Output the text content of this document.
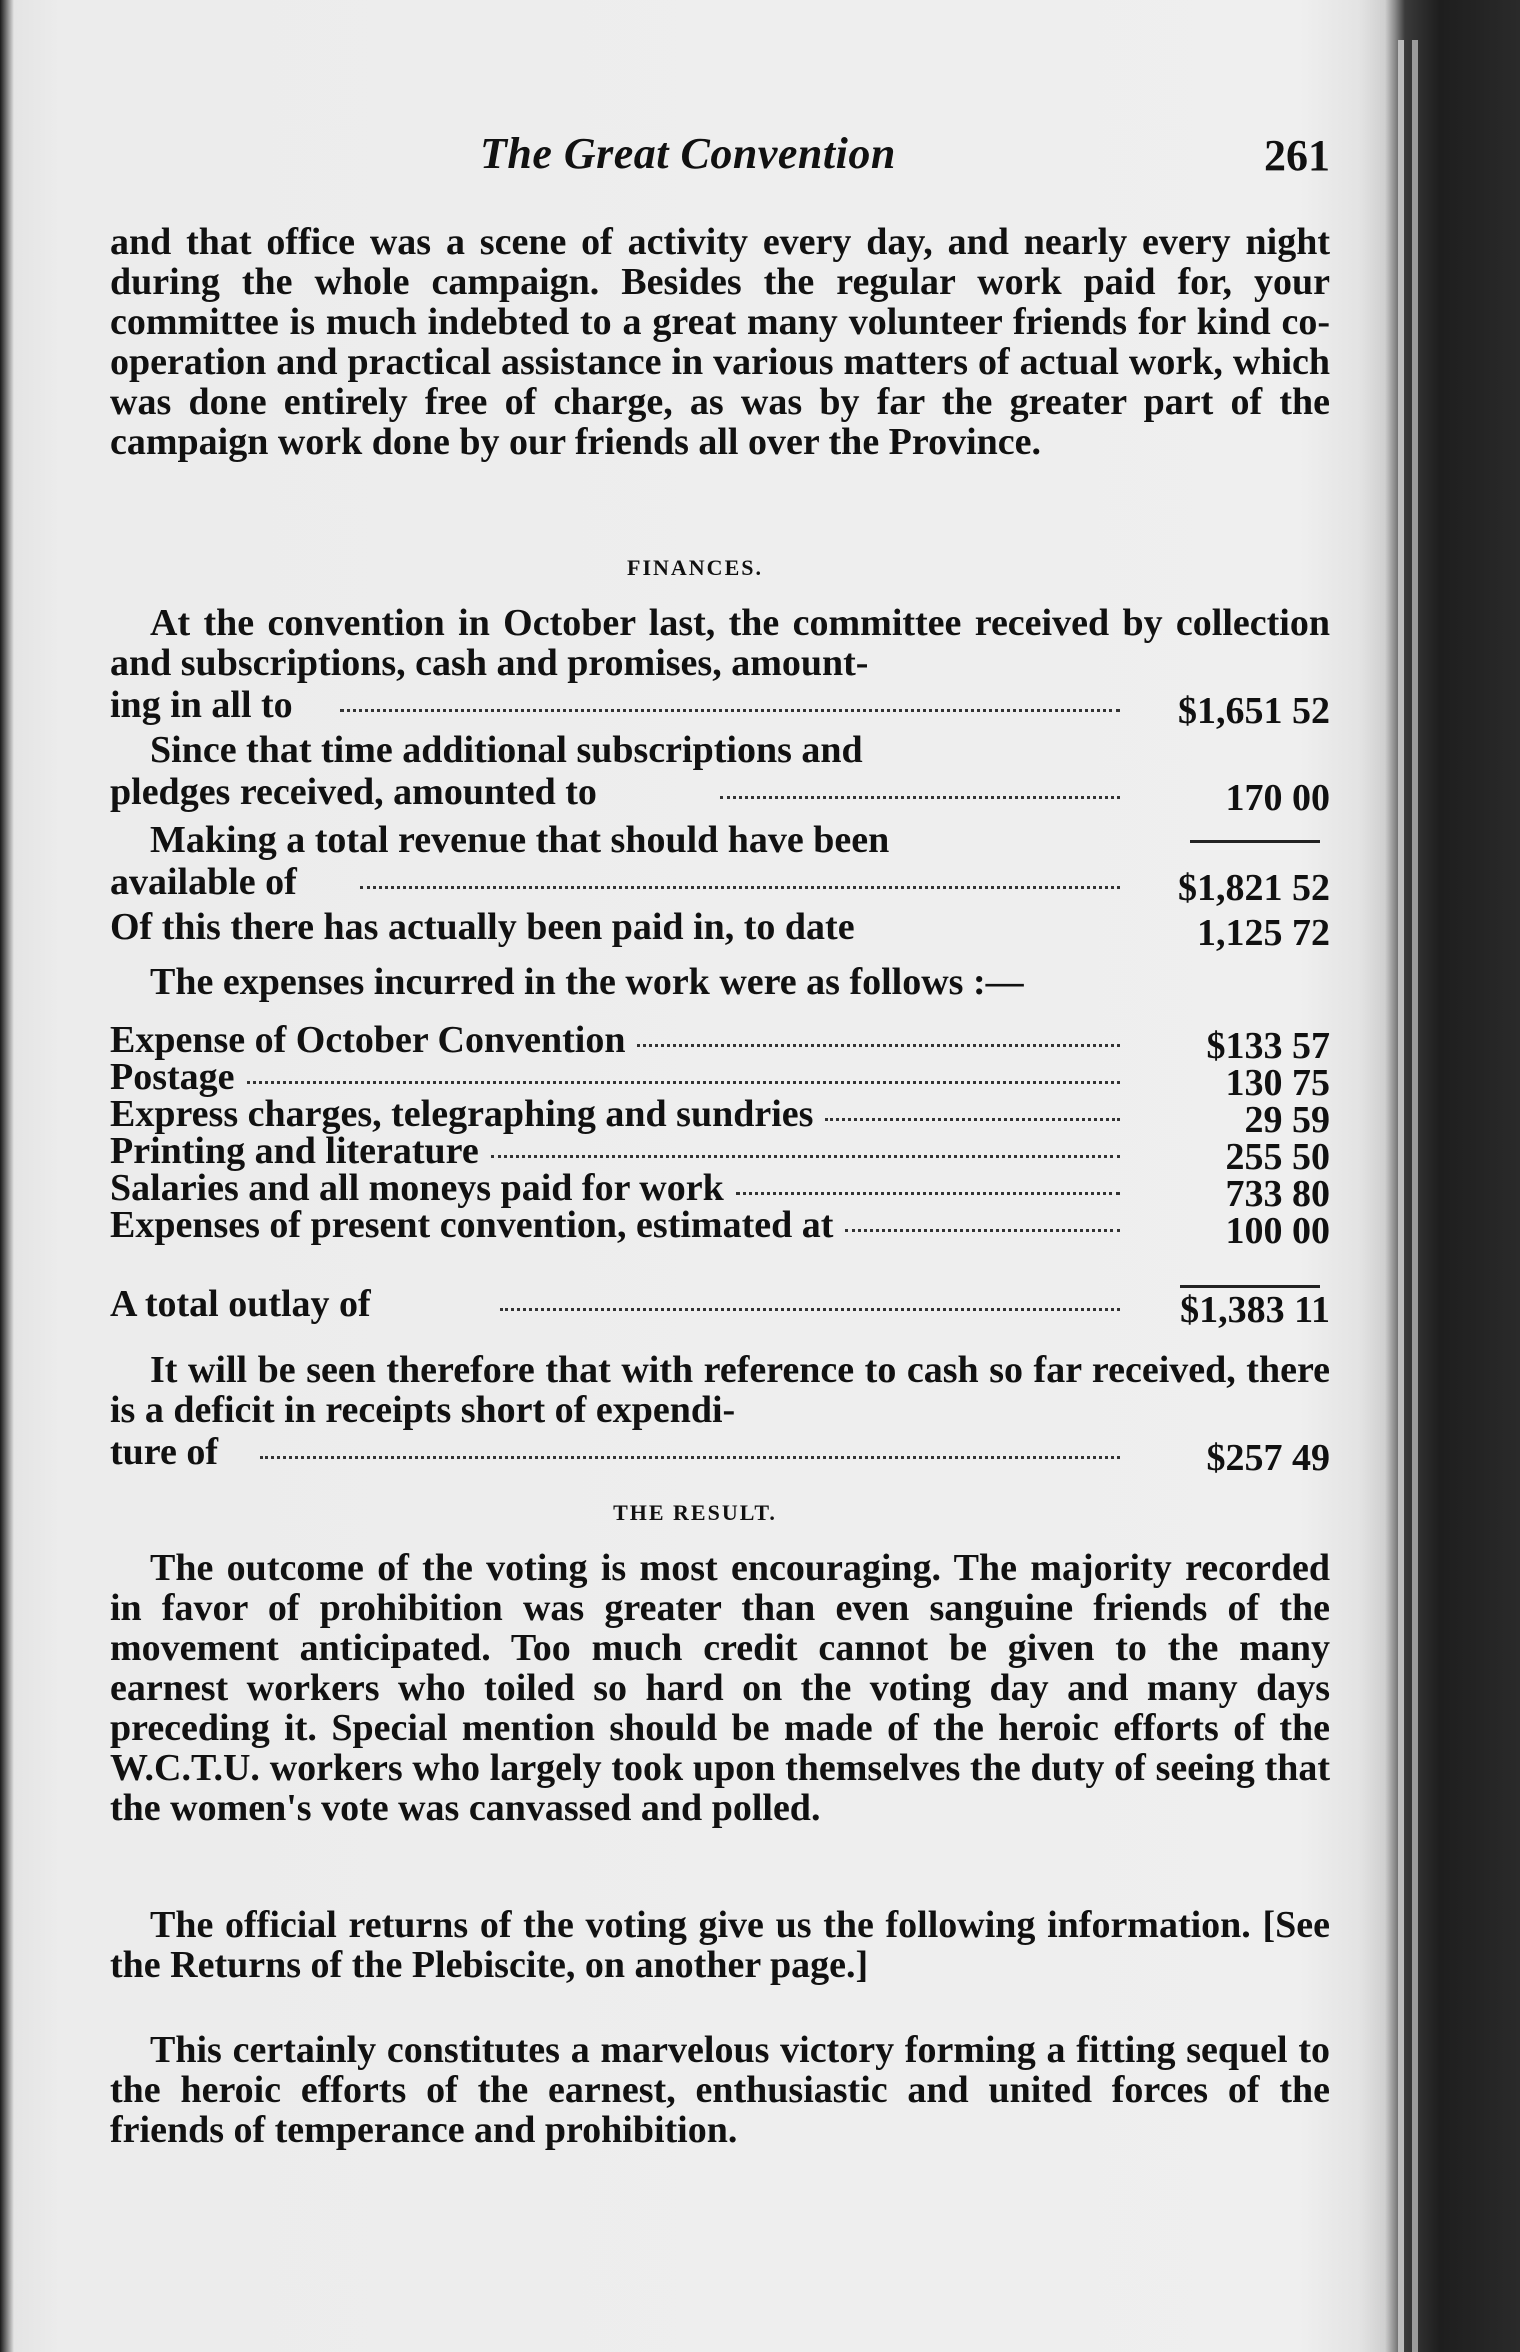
The Great Convention	261

and that office was a scene of activity every day, and nearly every night during the whole campaign. Besides the regular work paid for, your committee is much indebted to a great many volunteer friends for kind co-operation and practical assistance in various matters of actual work, which was done entirely free of charge, as was by far the greater part of the campaign work done by our friends all over the Province.

FINANCES.

At the convention in October last, the committee received by collection and subscriptions, cash and promises, amount-

ing in all to	$1,651 52
Since that time additional subscriptions and
pledges received, amounted to	170 00
Making a total revenue that should have been
available of	$1,821 52
Of this there has actually been paid in, to date	1,125 72
The expenses incurred in the work were as follows :—
Expense of October Convention	$133 57
Postage	130 75
Express charges, telegraphing and sundries	29 59
Printing and literature	255 50
Salaries and all moneys paid for work	733 80
Expenses of present convention, estimated at	100 00
A total outlay of	$1,383 11

It will be seen therefore that with reference to cash so far received, there is a deficit in receipts short of expendi-

ture of	$257 49
THE RESULT.

The outcome of the voting is most encouraging. The majority recorded in favor of prohibition was greater than even sanguine friends of the movement anticipated. Too much credit cannot be given to the many earnest workers who toiled so hard on the voting day and many days preceding it. Special mention should be made of the heroic efforts of the W.C.T.U. workers who largely took upon themselves the duty of seeing that the women's vote was canvassed and polled.

The official returns of the voting give us the following information. [See the Returns of the Plebiscite, on another page.]

This certainly constitutes a marvelous victory forming a fitting sequel to the heroic efforts of the earnest, enthusiastic and united forces of the friends of temperance and prohibition.
